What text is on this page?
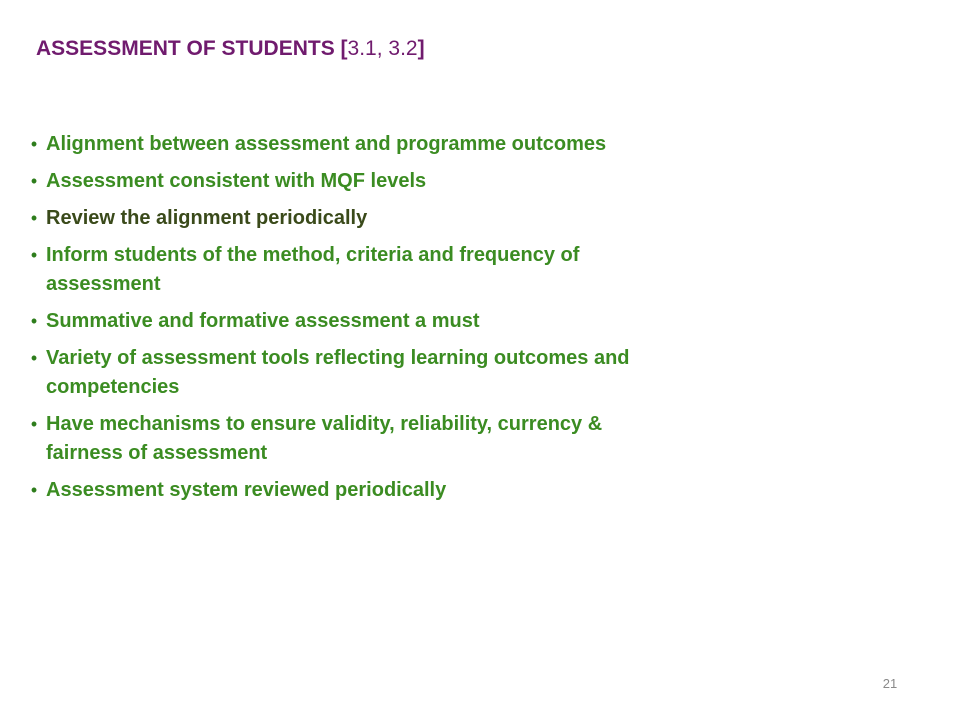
ASSESSMENT OF STUDENTS [3.1, 3.2]
• Alignment between assessment and programme outcomes
• Assessment consistent with MQF levels
• Review the alignment periodically
• Inform students of the method, criteria and frequency of assessment
• Summative and formative assessment a must
• Variety of assessment tools reflecting learning outcomes and competencies
• Have mechanisms to ensure validity, reliability, currency & fairness of assessment
• Assessment system reviewed periodically
21
